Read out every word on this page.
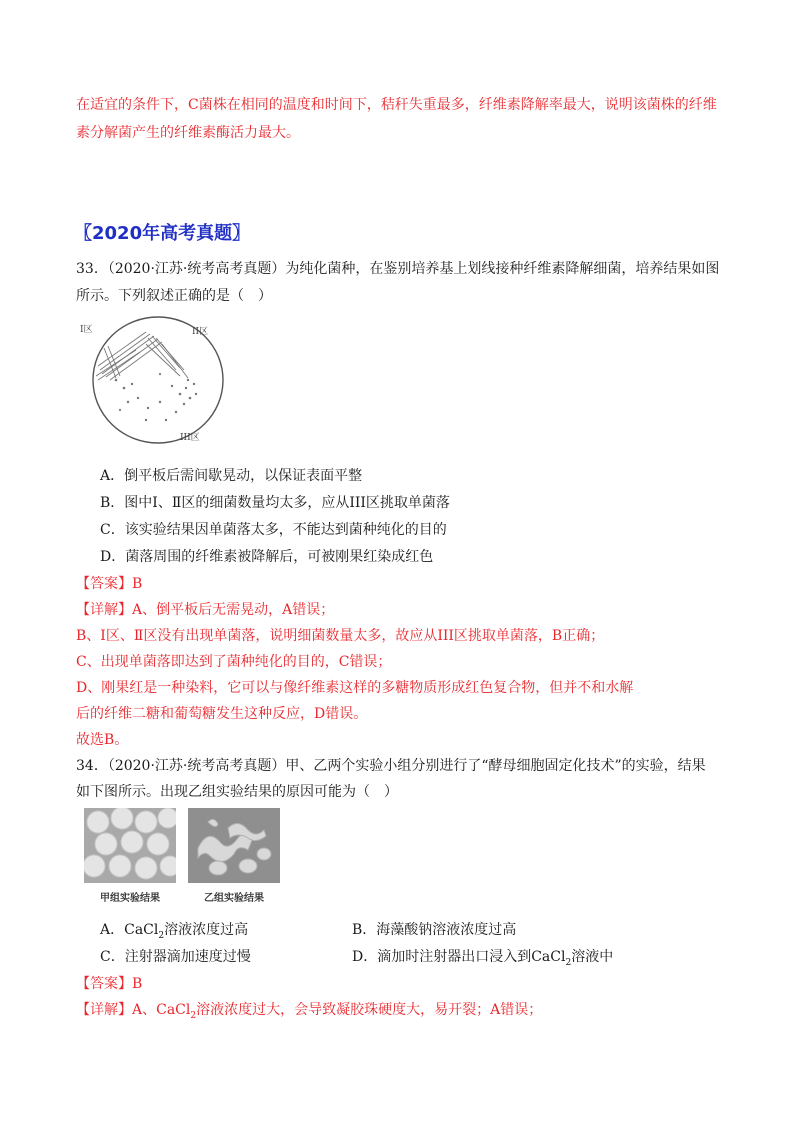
在适宜的条件下，C菌株在相同的温度和时间下，秸秆失重最多，纤维素降解率最大，说明该菌株的纤维
素分解菌产生的纤维素酶活力最大。
〖2020年高考真题〗
33．（2020·江苏·统考高考真题）为纯化菌种，在鉴别培养基上划线接种纤维素降解细菌，培养结果如图
所示。下列叙述正确的是（　）
I区	II区
III区
A．倒平板后需间歇晃动，以保证表面平整
B．图中Ⅰ、Ⅱ区的细菌数量均太多，应从III区挑取单菌落
C．该实验结果因单菌落太多，不能达到菌种纯化的目的
D．菌落周围的纤维素被降解后，可被刚果红染成红色
【答案】B
【详解】A、倒平板后无需晃动，A错误；
B、Ⅰ区、Ⅱ区没有出现单菌落，说明细菌数量太多，故应从III区挑取单菌落，B正确；
C、出现单菌落即达到了菌种纯化的目的，C错误；
D、刚果红是一种染料，它可以与像纤维素这样的多糖物质形成红色复合物，但并不和水解
后的纤维二糖和葡萄糖发生这种反应，D错误。
故选B。
34．（2020·江苏·统考高考真题）甲、乙两个实验小组分别进行了“酵母细胞固定化技术”的实验，结果
如下图所示。出现乙组实验结果的原因可能为（　）
甲组实验结果	乙组实验结果
A．CaCl$_2$溶液浓度过高	B．海藻酸钠溶液浓度过高
C．注射器滴加速度过慢	D．滴加时注射器出口浸入到CaCl$_2$溶液中
【答案】B
【详解】A、CaCl$_2$溶液浓度过大，会导致凝胶珠硬度大，易开裂；A错误；
